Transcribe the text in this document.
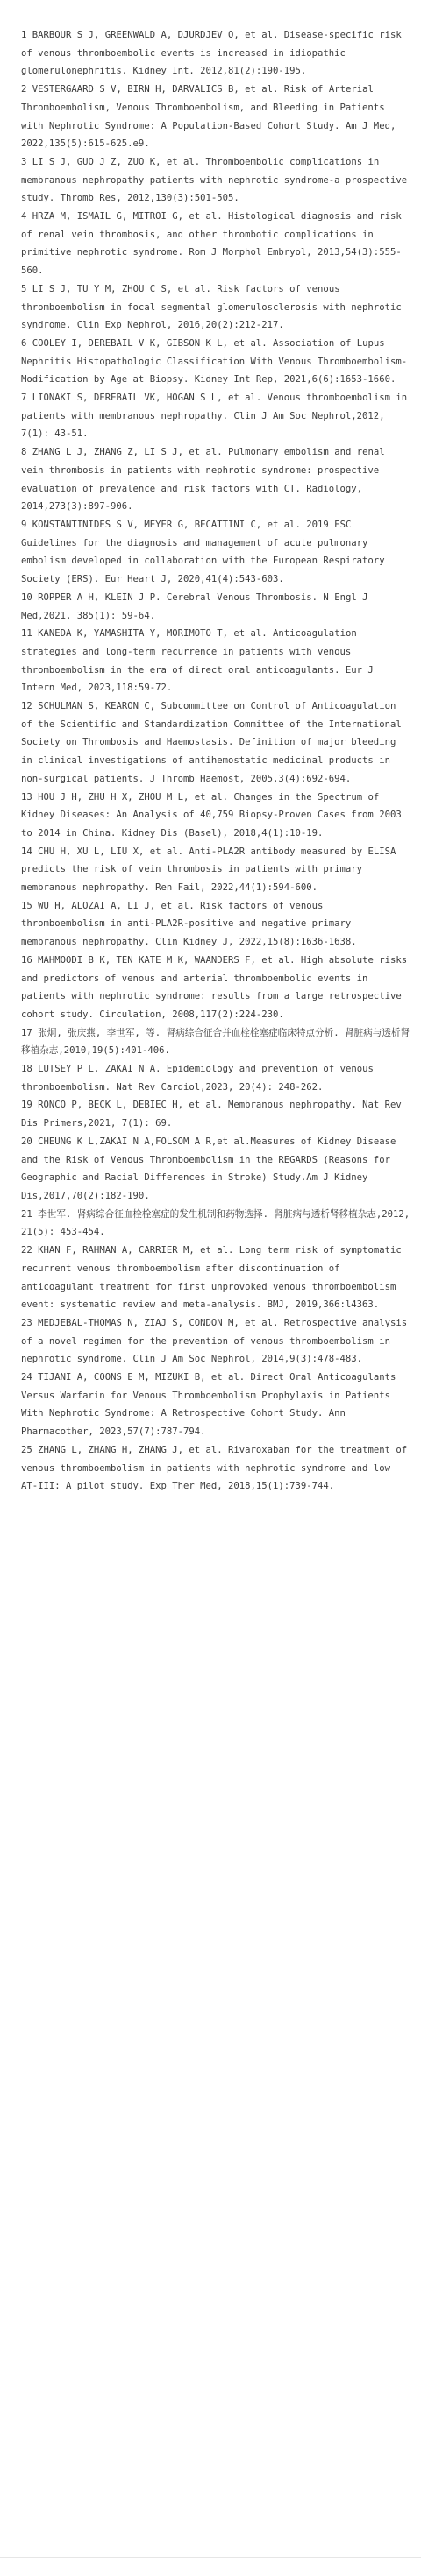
1 BARBOUR S J, GREENWALD A, DJURDJEV O, et al. Disease-specific risk of venous thromboembolic events is increased in idiopathic glomerulonephritis. Kidney Int. 2012,81(2):190-195.
2 VESTERGAARD S V, BIRN H, DARVALICS B, et al. Risk of Arterial Thromboembolism, Venous Thromboembolism, and Bleeding in Patients with Nephrotic Syndrome: A Population-Based Cohort Study. Am J Med, 2022,135(5):615-625.e9.
3 LI S J, GUO J Z, ZUO K, et al. Thromboembolic complications in membranous nephropathy patients with nephrotic syndrome-a prospective study. Thromb Res, 2012,130(3):501-505.
4 HRZA M, ISMAIL G, MITROI G, et al. Histological diagnosis and risk of renal vein thrombosis, and other thrombotic complications in primitive nephrotic syndrome. Rom J Morphol Embryol, 2013,54(3):555-560.
5 LI S J, TU Y M, ZHOU C S, et al. Risk factors of venous thromboembolism in focal segmental glomerulosclerosis with nephrotic syndrome. Clin Exp Nephrol, 2016,20(2):212-217.
6 COOLEY I, DEREBAIL V K, GIBSON K L, et al. Association of Lupus Nephritis Histopathologic Classification With Venous Thromboembolism-Modification by Age at Biopsy. Kidney Int Rep, 2021,6(6):1653-1660.
7 LIONAKI S, DEREBAIL VK, HOGAN S L, et al. Venous thromboembolism in patients with membranous nephropathy. Clin J Am Soc Nephrol,2012, 7(1): 43-51.
8 ZHANG L J, ZHANG Z, LI S J, et al. Pulmonary embolism and renal vein thrombosis in patients with nephrotic syndrome: prospective evaluation of prevalence and risk factors with CT. Radiology, 2014,273(3):897-906.
9 KONSTANTINIDES S V, MEYER G, BECATTINI C, et al. 2019 ESC Guidelines for the diagnosis and management of acute pulmonary embolism developed in collaboration with the European Respiratory Society (ERS). Eur Heart J, 2020,41(4):543-603.
10 ROPPER A H, KLEIN J P. Cerebral Venous Thrombosis. N Engl J Med,2021, 385(1): 59-64.
11 KANEDA K, YAMASHITA Y, MORIMOTO T, et al. Anticoagulation strategies and long-term recurrence in patients with venous thromboembolism in the era of direct oral anticoagulants. Eur J Intern Med, 2023,118:59-72.
12 SCHULMAN S, KEARON C, Subcommittee on Control of Anticoagulation of the Scientific and Standardization Committee of the International Society on Thrombosis and Haemostasis. Definition of major bleeding in clinical investigations of antihemostatic medicinal products in non-surgical patients. J Thromb Haemost, 2005,3(4):692-694.
13 HOU J H, ZHU H X, ZHOU M L, et al. Changes in the Spectrum of Kidney Diseases: An Analysis of 40,759 Biopsy-Proven Cases from 2003 to 2014 in China. Kidney Dis (Basel), 2018,4(1):10-19.
14 CHU H, XU L, LIU X, et al. Anti-PLA2R antibody measured by ELISA predicts the risk of vein thrombosis in patients with primary membranous nephropathy. Ren Fail, 2022,44(1):594-600.
15 WU H, ALOZAI A, LI J, et al. Risk factors of venous thromboembolism in anti-PLA2R-positive and negative primary membranous nephropathy. Clin Kidney J, 2022,15(8):1636-1638.
16 MAHMOODI B K, TEN KATE M K, WAANDERS F, et al. High absolute risks and predictors of venous and arterial thromboembolic events in patients with nephrotic syndrome: results from a large retrospective cohort study. Circulation, 2008,117(2):224-230.
17 张炯, 张庆燕, 李世军, 等. 肾病综合征合并血栓栓塞症临床特点分析. 肾脏病与透析肾移植杂志,2010,19(5):401-406.
18 LUTSEY P L, ZAKAI N A. Epidemiology and prevention of venous thromboembolism. Nat Rev Cardiol,2023, 20(4): 248-262.
19 RONCO P, BECK L, DEBIEC H, et al. Membranous nephropathy. Nat Rev Dis Primers,2021, 7(1): 69.
20 CHEUNG K L,ZAKAI N A,FOLSOM A R,et al.Measures of Kidney Disease and the Risk of Venous Thromboembolism in the REGARDS (Reasons for Geographic and Racial Differences in Stroke) Study.Am J Kidney Dis,2017,70(2):182-190.
21 李世军. 肾病综合征血栓栓塞症的发生机制和药物选择. 肾脏病与透析肾移植杂志,2012, 21(5): 453-454.
22 KHAN F, RAHMAN A, CARRIER M, et al. Long term risk of symptomatic recurrent venous thromboembolism after discontinuation of anticoagulant treatment for first unprovoked venous thromboembolism event: systematic review and meta-analysis. BMJ, 2019,366:l4363.
23 MEDJEBAL-THOMAS N, ZIAJ S, CONDON M, et al. Retrospective analysis of a novel regimen for the prevention of venous thromboembolism in nephrotic syndrome. Clin J Am Soc Nephrol, 2014,9(3):478-483.
24 TIJANI A, COONS E M, MIZUKI B, et al. Direct Oral Anticoagulants Versus Warfarin for Venous Thromboembolism Prophylaxis in Patients With Nephrotic Syndrome: A Retrospective Cohort Study. Ann Pharmacother, 2023,57(7):787-794.
25 ZHANG L, ZHANG H, ZHANG J, et al. Rivaroxaban for the treatment of venous thromboembolism in patients with nephrotic syndrome and low AT-III: A pilot study. Exp Ther Med, 2018,15(1):739-744.
